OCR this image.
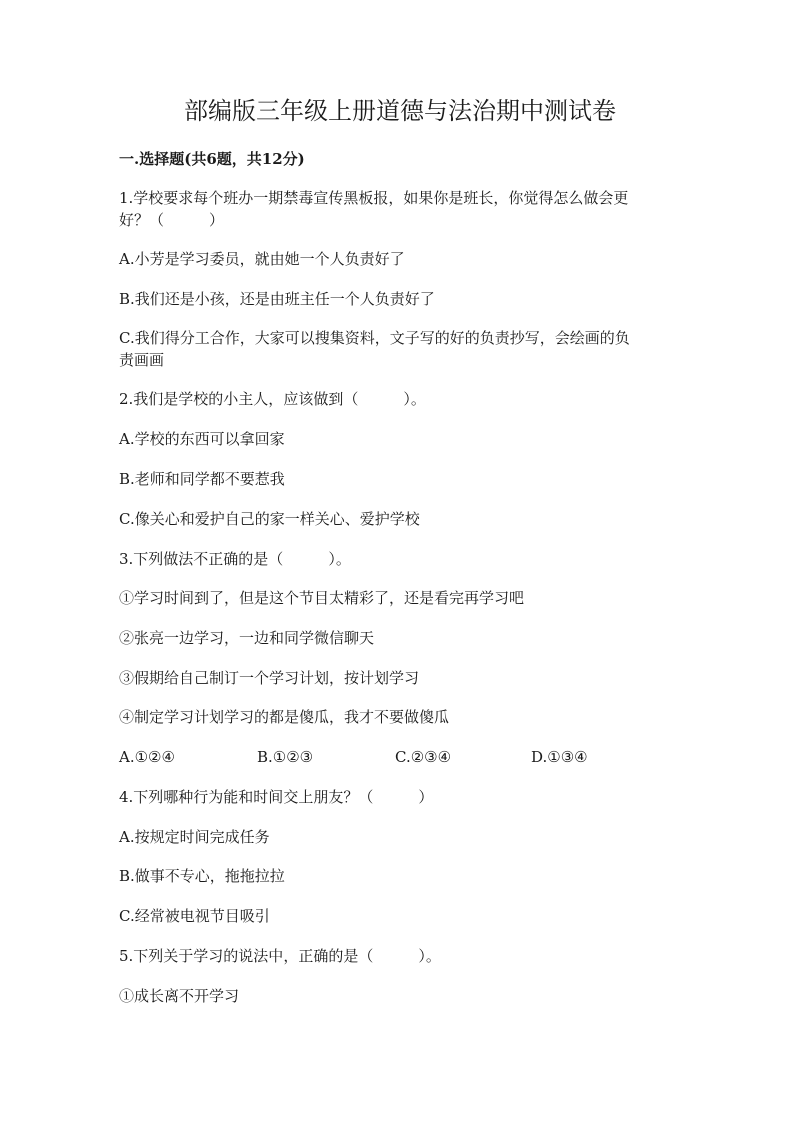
部编版三年级上册道德与法治期中测试卷
一.选择题(共6题，共12分)
1.学校要求每个班办一期禁毒宣传黑板报，如果你是班长，你觉得怎么做会更
好？（　　　）
A.小芳是学习委员，就由她一个人负责好了
B.我们还是小孩，还是由班主任一个人负责好了
C.我们得分工合作，大家可以搜集资料，文子写的好的负责抄写，会绘画的负
责画画
2.我们是学校的小主人，应该做到（　　　）。
A.学校的东西可以拿回家
B.老师和同学都不要惹我
C.像关心和爱护自己的家一样关心、爱护学校
3.下列做法不正确的是（　　　）。
①学习时间到了，但是这个节目太精彩了，还是看完再学习吧
②张亮一边学习，一边和同学微信聊天
③假期给自己制订一个学习计划，按计划学习
④制定学习计划学习的都是傻瓜，我才不要做傻瓜
A.①②④	B.①②③	C.②③④	D.①③④
4.下列哪种行为能和时间交上朋友？（　　　）
A.按规定时间完成任务
B.做事不专心，拖拖拉拉
C.经常被电视节目吸引
5.下列关于学习的说法中，正确的是（　　　）。
①成长离不开学习
